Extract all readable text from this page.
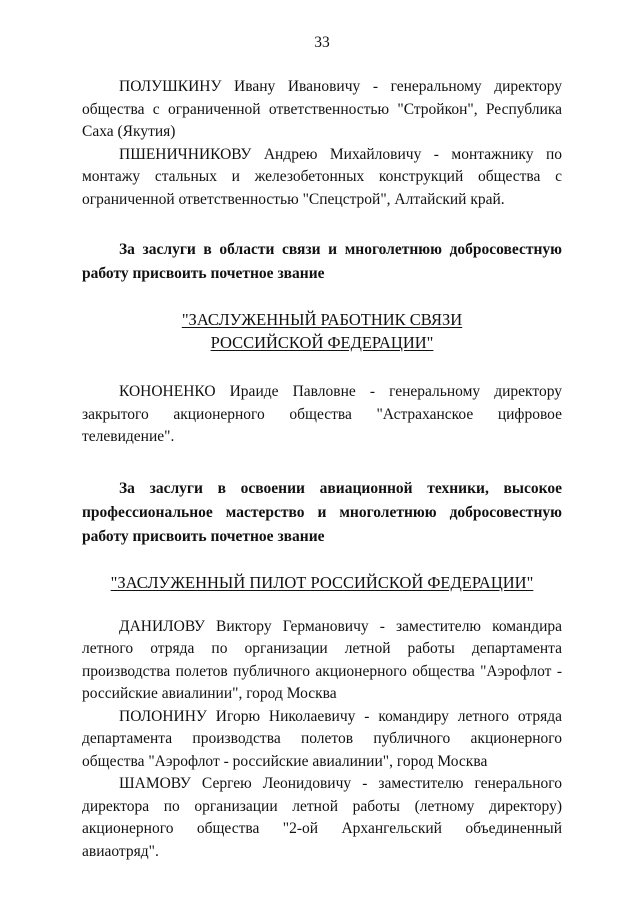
33

ПОЛУШКИНУ Ивану Ивановичу - генеральному директору общества с ограниченной ответственностью "Стройкон", Республика Саха (Якутия)

ПШЕНИЧНИКОВУ Андрею Михайловичу - монтажнику по монтажу стальных и железобетонных конструкций общества с ограниченной ответственностью "Спецстрой", Алтайский край.

За заслуги в области связи и многолетнюю добросовестную работу присвоить почетное звание

"ЗАСЛУЖЕННЫЙ РАБОТНИК СВЯЗИ

РОССИЙСКОЙ ФЕДЕРАЦИИ"

КОНОНЕНКО Ираиде Павловне - генеральному директору закрытого акционерного общества "Астраханское цифровое телевидение".

За заслуги в освоении авиационной техники, высокое профессиональное мастерство и многолетнюю добросовестную работу присвоить почетное звание

"ЗАСЛУЖЕННЫЙ ПИЛОТ РОССИЙСКОЙ ФЕДЕРАЦИИ"

ДАНИЛОВУ Виктору Германовичу - заместителю командира летного отряда по организации летной работы департамента производства полетов публичного акционерного общества "Аэрофлот - российские авиалинии", город Москва

ПОЛОНИНУ Игорю Николаевичу - командиру летного отряда департамента производства полетов публичного акционерного общества "Аэрофлот - российские авиалинии", город Москва

ШАМОВУ Сергею Леонидовичу - заместителю генерального директора по организации летной работы (летному директору) акционерного общества "2-ой Архангельский объединенный авиаотряд".
